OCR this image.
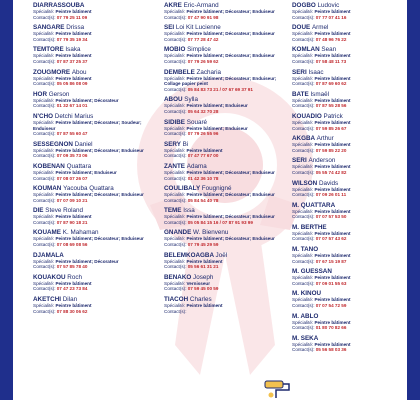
DIARRASSOUBA
Spécialité: Peintre bâtiment
Contact(s): 07 79 25 11 09
SANGARE Drissa
Spécialité: Peintre bâtiment
Contact(s): 07 79 35 19 34
TEMTORE Isaka
Spécialité: Peintre bâtiment
Contact(s): 07 87 37 25 37
ZOUGMORE Abou
Spécialité: Peintre bâtiment
Contact(s): 05 05 86 08 09
HOR Gerson
Spécialité: Peintre bâtiment; Décorateur
Contact(s): 01 32 67 14 01
N'CHO Detchi Marius
Spécialité: Peintre bâtiment; Décorateur; Soudeur; Enduiseur
Contact(s): 07 87 55 60 47
SESSEGNON Daniel
Spécialité: Peintre bâtiment; Décorateur; Enduiseur
Contact(s): 07 09 35 73 06
KOBENAN Quattara
Spécialité: Peintre bâtiment; Enduiseur
Contact(s): 07 08 07 26 07
KOUMAN Yacouba Quattara
Spécialité: Peintre bâtiment; Décorateur; Enduiseur
Contact(s): 07 07 09 10 21
DIE Steve Roland
Spécialité: Peintre bâtiment
Contact(s): 07 87 90 18 21
KOUAME K. Mahaman
Spécialité: Peintre bâtiment; Décorateur; Enduiseur
Contact(s): 07 08 69 08 56
DJAMALA
Spécialité: Peintre bâtiment; Décorateur
Contact(s): 07 57 85 78 40
KOUAKOU Roch
Spécialité: Peintre bâtiment
Contact(s): 07 47 23 73 84
AKETCHI Dilan
Spécialité: Peintre bâtiment
Contact(s): 07 88 30 06 62
AKRE Eric-Armand
Spécialité: Peintre bâtiment; Décorateur; Enduiseur
Contact(s): 07 47 90 91 98
SEI Loi Kit Lucienne
Spécialité: Peintre bâtiment; Décorateur; Enduiseur
Contact(s): 07 77 28 47 42
MOBIO Simplice
Spécialité: Peintre bâtiment; Décorateur; Enduiseur
Contact(s): 07 79 26 59 62
DEMBELE Zacharia
Spécialité: Peintre bâtiment; Décorateur; Enduiseur; Collage papier peint
Contact(s): 05 84 83 73 21 / 07 67 69 37 91
ABOU Sylla
Spécialité: Peintre bâtiment; Enduiseur
Contact(s): 05 64 32 70 28
SIDIBE Souaré
Spécialité: Peintre bâtiment; Enduiseur
Contact(s): 07 79 26 55 96
SERY Bi
Spécialité: Peintre bâtiment
Contact(s): 07 47 77 67 00
ZANTE Adama
Spécialité: Peintre bâtiment; Décorateur; Enduiseur
Contact(s): 01 42 36 10 78
COULIBALY Fougnigné
Spécialité: Peintre bâtiment; Décorateur; Enduiseur
Contact(s): 05 84 54 40 78
TEME Issa
Spécialité: Peintre bâtiment; Décorateur; Enduiseur
Contact(s): 05 05 84 15 16 / 07 87 91 93 99
GNANDE W. Bienvenu
Spécialité: Peintre bâtiment; Décorateur; Enduiseur
Contact(s): 07 79 45 29 59
BELEMKOAGBA Joël
Spécialité: Peintre bâtiment
Contact(s): 05 56 61 31 21
BENAKO Joseph
Spécialité: Vernisseur
Contact(s): 07 59 45 00 59
TIACOH Charles
Spécialité: Peintre bâtiment
Contact(s):
DOGBO Ludovic
Spécialité: Peintre bâtiment
Contact(s): 07 77 07 41 16
DOUE Armel
Spécialité: Peintre bâtiment
Contact(s): 07 48 96 76 22
KOMLAN Sean
Spécialité: Peintre bâtiment
Contact(s): 07 58 48 11 73
SERI Isaac
Spécialité: Peintre bâtiment
Contact(s): 07 87 69 60 62
BATE Ismaël
Spécialité: Peintre bâtiment
Contact(s): 07 87 55 28 56
KOUADIO Patrick
Spécialité: Peintre bâtiment
Contact(s): 07 59 85 26 67
AKGBA Arthur
Spécialité: Peintre bâtiment
Contact(s): 07 59 85 22 20
SERI Anderson
Spécialité: Peintre bâtiment
Contact(s): 05 55 74 42 82
WILSON Davids
Spécialité: Peintre bâtiment
Contact(s): 07 09 26 01 11
M. QUATTARA
Spécialité: Peintre bâtiment
Contact(s): 07 07 57 53 50
M. BERTHE
Spécialité: Peintre bâtiment
Contact(s): 07 07 57 43 62
M. TANO
Spécialité: Peintre bâtiment
Contact(s): 07 67 15 19 87
M. GUESSAN
Spécialité: Peintre bâtiment
Contact(s): 07 09 01 55 63
M. KINOU
Spécialité: Peintre bâtiment
Contact(s): 07 07 54 72 59
M. ABLO
Spécialité: Peintre bâtiment
Contact(s): 01 80 70 82 66
M. SEKA
Spécialité: Peintre bâtiment
Contact(s): 05 56 58 03 36
